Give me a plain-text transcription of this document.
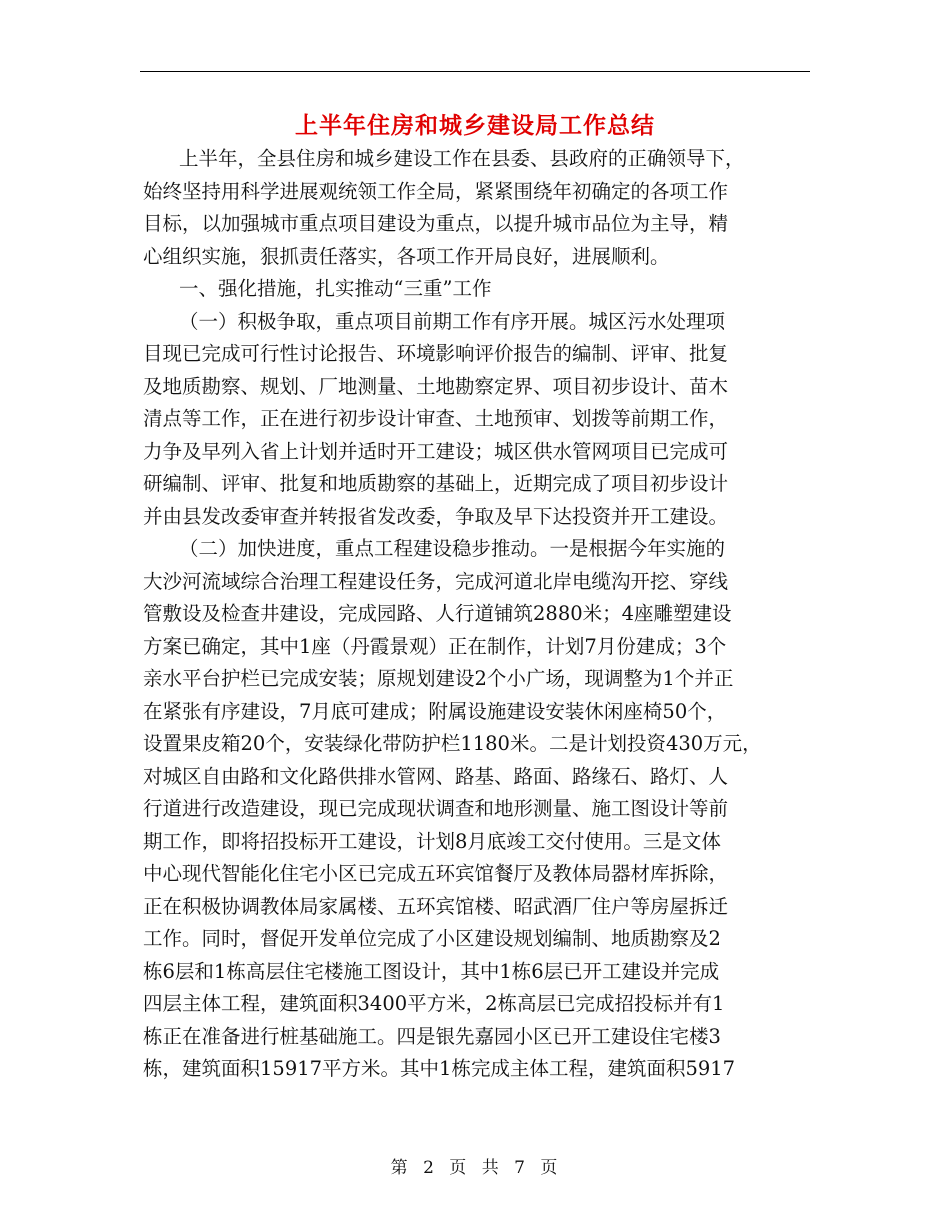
上半年住房和城乡建设局工作总结
上半年，全县住房和城乡建设工作在县委、县政府的正确领导下，
始终坚持用科学进展观统领工作全局，紧紧围绕年初确定的各项工作
目标，以加强城市重点项目建设为重点，以提升城市品位为主导，精
心组织实施，狠抓责任落实，各项工作开局良好，进展顺利。
一、强化措施，扎实推动“三重”工作
（一）积极争取，重点项目前期工作有序开展。城区污水处理项
目现已完成可行性讨论报告、环境影响评价报告的编制、评审、批复
及地质勘察、规划、厂地测量、土地勘察定界、项目初步设计、苗木
清点等工作，正在进行初步设计审查、土地预审、划拨等前期工作，
力争及早列入省上计划并适时开工建设；城区供水管网项目已完成可
研编制、评审、批复和地质勘察的基础上，近期完成了项目初步设计
并由县发改委审查并转报省发改委，争取及早下达投资并开工建设。
（二）加快进度，重点工程建设稳步推动。一是根据今年实施的
大沙河流域综合治理工程建设任务，完成河道北岸电缆沟开挖、穿线
管敷设及检查井建设，完成园路、人行道铺筑2880米；4座雕塑建设
方案已确定，其中1座（丹霞景观）正在制作，计划7月份建成；3个
亲水平台护栏已完成安装；原规划建设2个小广场，现调整为1个并正
在紧张有序建设，7月底可建成；附属设施建设安装休闲座椅50个，
设置果皮箱20个，安装绿化带防护栏1180米。二是计划投资430万元，
对城区自由路和文化路供排水管网、路基、路面、路缘石、路灯、人
行道进行改造建设，现已完成现状调查和地形测量、施工图设计等前
期工作，即将招投标开工建设，计划8月底竣工交付使用。三是文体
中心现代智能化住宅小区已完成五环宾馆餐厅及教体局器材库拆除，
正在积极协调教体局家属楼、五环宾馆楼、昭武酒厂住户等房屋拆迁
工作。同时，督促开发单位完成了小区建设规划编制、地质勘察及2
栋6层和1栋高层住宅楼施工图设计，其中1栋6层已开工建设并完成
四层主体工程，建筑面积3400平方米，2栋高层已完成招投标并有1
栋正在准备进行桩基础施工。四是银先嘉园小区已开工建设住宅楼3
栋，建筑面积15917平方米。其中1栋完成主体工程，建筑面积5917
第 2 页 共 7 页
